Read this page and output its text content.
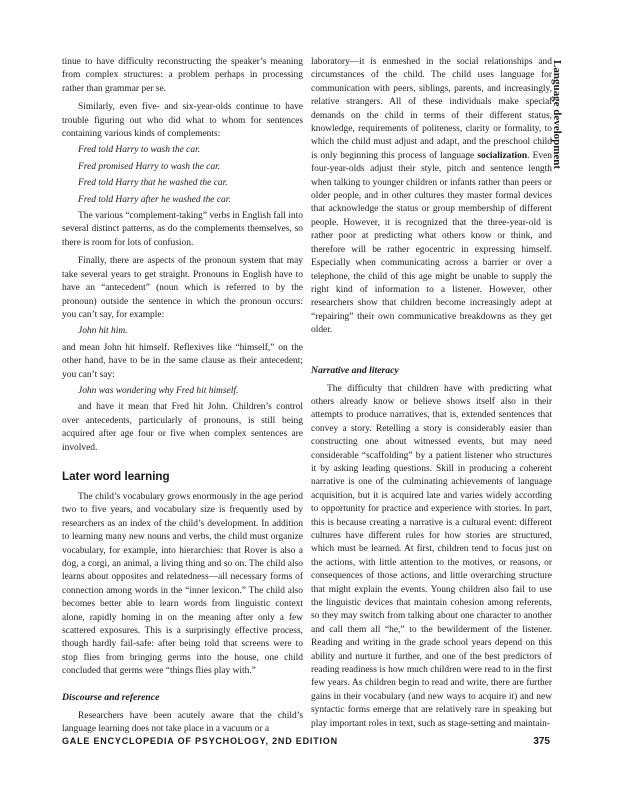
tinue to have difficulty reconstructing the speaker’s meaning from complex structures: a problem perhaps in processing rather than grammar per se.

Similarly, even five- and six-year-olds continue to have trouble figuring out who did what to whom for sentences containing various kinds of complements:

Fred told Harry to wash the car.

Fred promised Harry to wash the car.

Fred told Harry that he washed the car.

Fred told Harry after he washed the car.

The various “complement-taking” verbs in English fall into several distinct patterns, as do the complements themselves, so there is room for lots of confusion.

Finally, there are aspects of the pronoun system that may take several years to get straight. Pronouns in English have to have an “antecedent” (noun which is referred to by the pronoun) outside the sentence in which the pronoun occurs: you can’t say, for example:

John hit him.

and mean John hit himself. Reflexives like “himself,” on the other hand, have to be in the same clause as their antecedent; you can’t say:

John was wondering why Fred hit himself.

and have it mean that Fred hit John. Children’s control over antecedents, particularly of pronouns, is still being acquired after age four or five when complex sentences are involved.

Later word learning

The child’s vocabulary grows enormously in the age period two to five years, and vocabulary size is frequently used by researchers as an index of the child’s development. In addition to learning many new nouns and verbs, the child must organize vocabulary, for example, into hierarchies: that Rover is also a dog, a corgi, an animal, a living thing and so on. The child also learns about opposites and relatedness—all necessary forms of connection among words in the “inner lexicon.” The child also becomes better able to learn words from linguistic context alone, rapidly homing in on the meaning after only a few scattered exposures. This is a surprisingly effective process, though hardly fail-safe: after being told that screens were to stop flies from bringing germs into the house, one child concluded that germs were “things flies play with.”

Discourse and reference

Researchers have been acutely aware that the child’s language learning does not take place in a vacuum or a

laboratory—it is enmeshed in the social relationships and circumstances of the child. The child uses language for communication with peers, siblings, parents, and increasingly, relative strangers. All of these individuals make special demands on the child in terms of their different status, knowledge, requirements of politeness, clarity or formality, to which the child must adjust and adapt, and the preschool child is only beginning this process of language socialization. Even four-year-olds adjust their style, pitch and sentence length when talking to younger children or infants rather than peers or older people, and in other cultures they master formal devices that acknowledge the status or group membership of different people. However, it is recognized that the three-year-old is rather poor at predicting what others know or think, and therefore will be rather egocentric in expressing himself. Especially when communicating across a barrier or over a telephone, the child of this age might be unable to supply the right kind of information to a listener. However, other researchers show that children become increasingly adept at “repairing” their own communicative breakdowns as they get older.

Narrative and literacy

The difficulty that children have with predicting what others already know or believe shows itself also in their attempts to produce narratives, that is, extended sentences that convey a story. Retelling a story is considerably easier than constructing one about witnessed events, but may need considerable “scaffolding” by a patient listener who structures it by asking leading questions. Skill in producing a coherent narrative is one of the culminating achievements of language acquisition, but it is acquired late and varies widely according to opportunity for practice and experience with stories. In part, this is because creating a narrative is a cultural event: different cultures have different rules for how stories are structured, which must be learned. At first, children tend to focus just on the actions, with little attention to the motives, or reasons, or consequences of those actions, and little overarching structure that might explain the events. Young children also fail to use the linguistic devices that maintain cohesion among referents, so they may switch from talking about one character to another and call them all “he,” to the bewilderment of the listener. Reading and writing in the grade school years depend on this ability and nurture it further, and one of the best predictors of reading readiness is how much children were read to in the first few years. As children begin to read and write, there are further gains in their vocabulary (and new ways to acquire it) and new syntactic forms emerge that are relatively rare in speaking but play important roles in text, such as stage-setting and maintain-

Language development
GALE ENCYCLOPEDIA OF PSYCHOLOGY, 2ND EDITION	375
